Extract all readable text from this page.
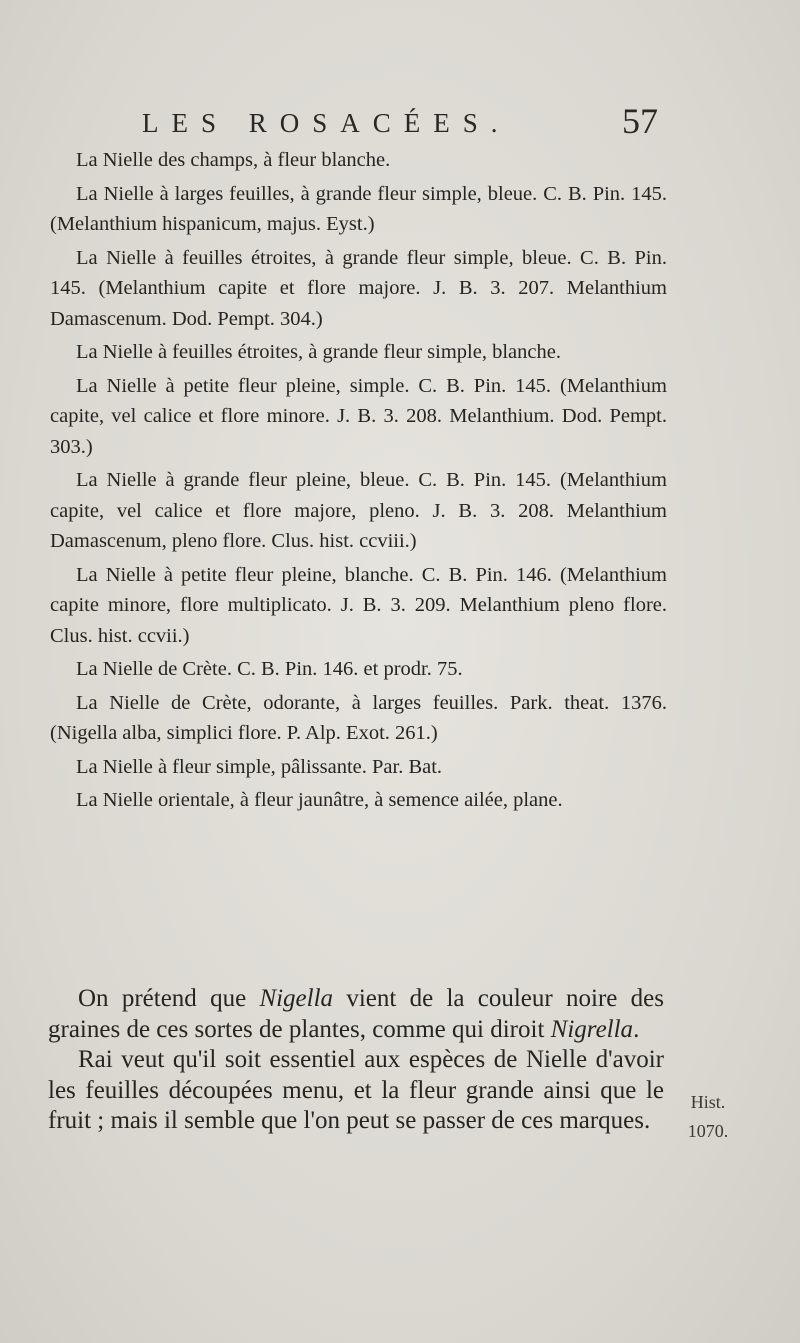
LES ROSACÉES.	57

La Nielle des champs, à fleur blanche.

La Nielle à larges feuilles, à grande fleur simple, bleue. C. B. Pin. 145. (Melanthium hispanicum, majus. Eyst.)

La Nielle à feuilles étroites, à grande fleur simple, bleue. C. B. Pin. 145. (Melanthium capite et flore majore. J. B. 3. 207. Melanthium Damascenum. Dod. Pempt. 304.)

La Nielle à feuilles étroites, à grande fleur simple, blanche.

La Nielle à petite fleur pleine, simple. C. B. Pin. 145. (Melanthium capite, vel calice et flore minore. J. B. 3. 208. Melanthium. Dod. Pempt. 303.)

La Nielle à grande fleur pleine, bleue. C. B. Pin. 145. (Melanthium capite, vel calice et flore majore, pleno. J. B. 3. 208. Melanthium Damascenum, pleno flore. Clus. hist. ccviii.)

La Nielle à petite fleur pleine, blanche. C. B. Pin. 146. (Melanthium capite minore, flore multiplicato. J. B. 3. 209. Melanthium pleno flore. Clus. hist. ccvii.)

La Nielle de Crète. C. B. Pin. 146. et prodr. 75.

La Nielle de Crète, odorante, à larges feuilles. Park. theat. 1376. (Nigella alba, simplici flore. P. Alp. Exot. 261.)

La Nielle à fleur simple, pâlissante. Par. Bat.

La Nielle orientale, à fleur jaunâtre, à semence ailée, plane.

On prétend que Nigella vient de la couleur noire des graines de ces sortes de plantes, comme qui diroit Nigrella.

Rai veut qu'il soit essentiel aux espèces de Nielle d'avoir les feuilles découpées menu, et la fleur grande ainsi que le fruit ; mais il semble que l'on peut se passer de ces marques.

Hist.
1070.
